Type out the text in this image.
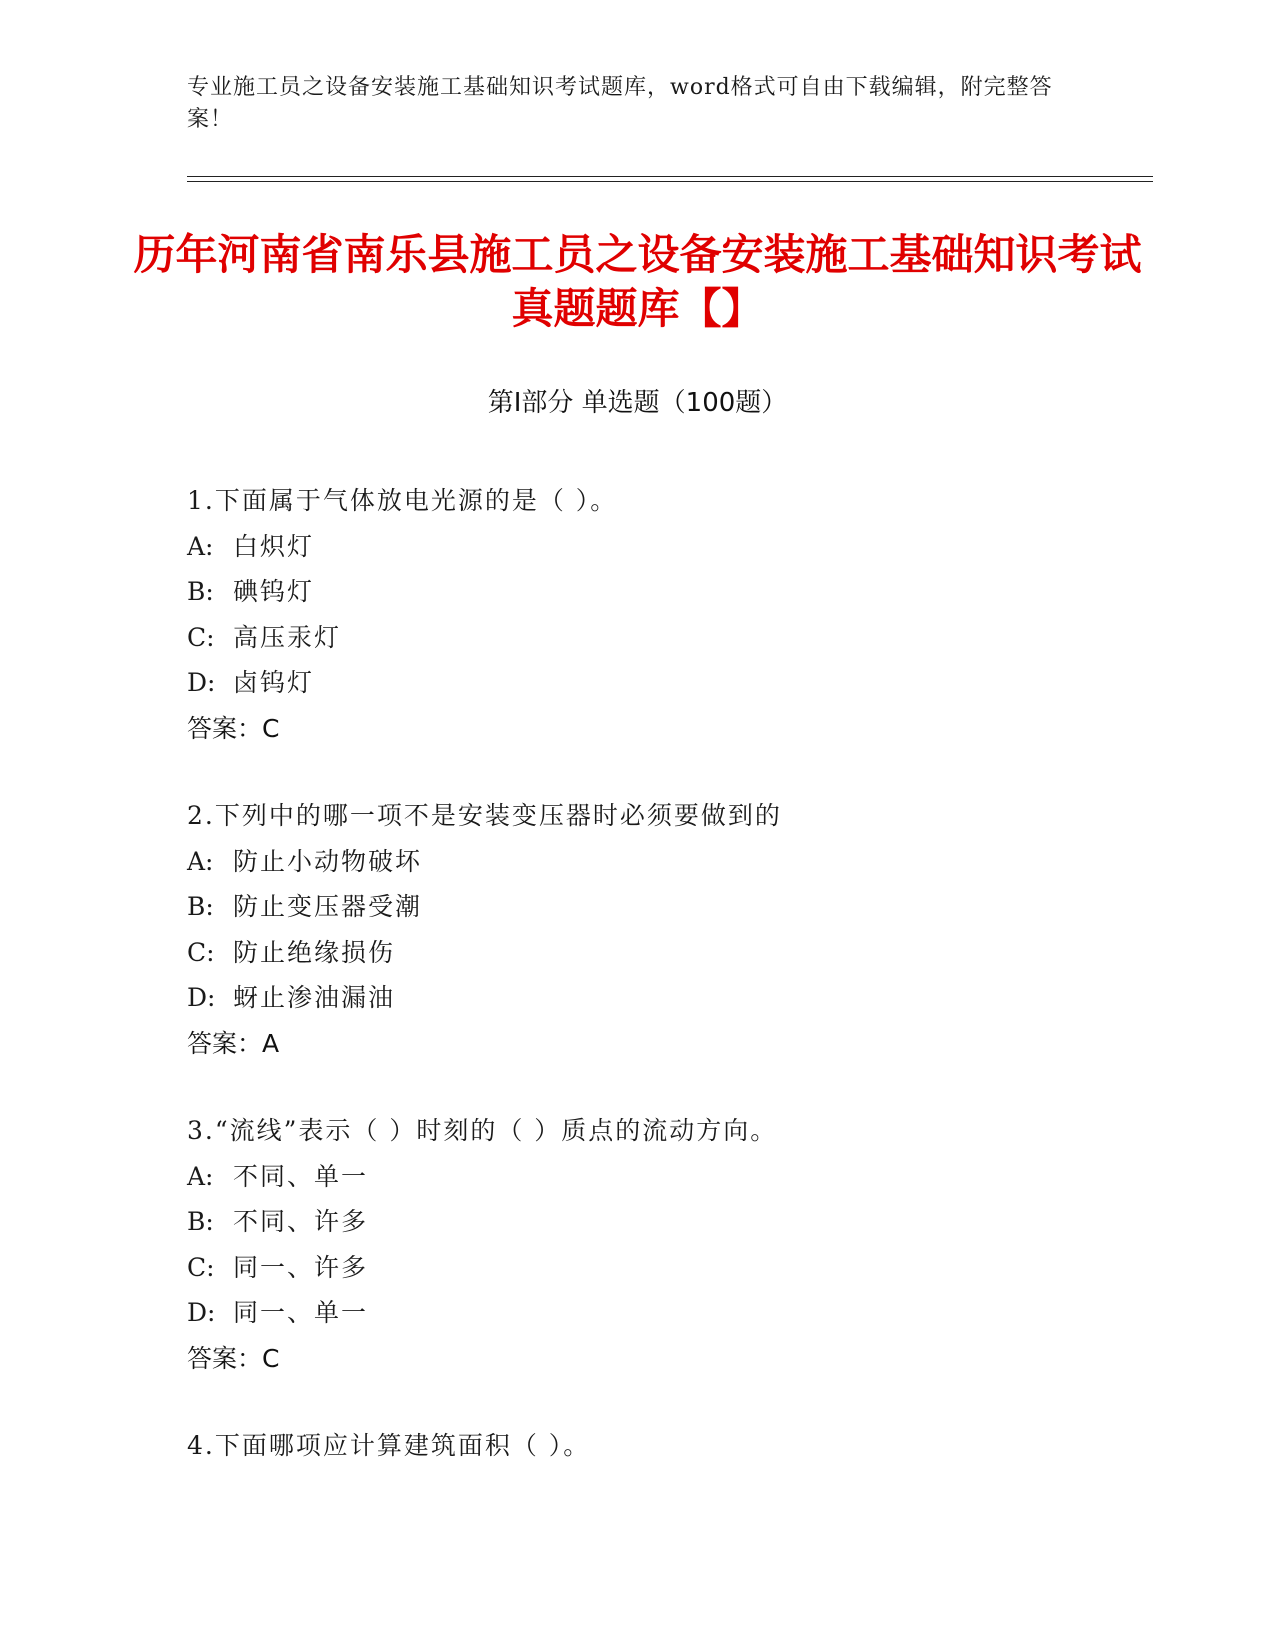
专业施工员之设备安装施工基础知识考试题库，word格式可自由下载编辑，附完整答案！
历年河南省南乐县施工员之设备安装施工基础知识考试真题题库【】
第Ⅰ部分 单选题（100题）
1.下面属于气体放电光源的是（ ）。
A: 白炽灯
B: 碘钨灯
C: 高压汞灯
D: 卤钨灯
答案：C
2.下列中的哪一项不是安装变压器时必须要做到的
A: 防止小动物破坏
B: 防止变压器受潮
C: 防止绝缘损伤
D: 蚜止渗油漏油
答案：A
3.“流线”表示（ ）时刻的（ ）质点的流动方向。
A: 不同、单一
B: 不同、许多
C: 同一、许多
D: 同一、单一
答案：C
4.下面哪项应计算建筑面积（ ）。
